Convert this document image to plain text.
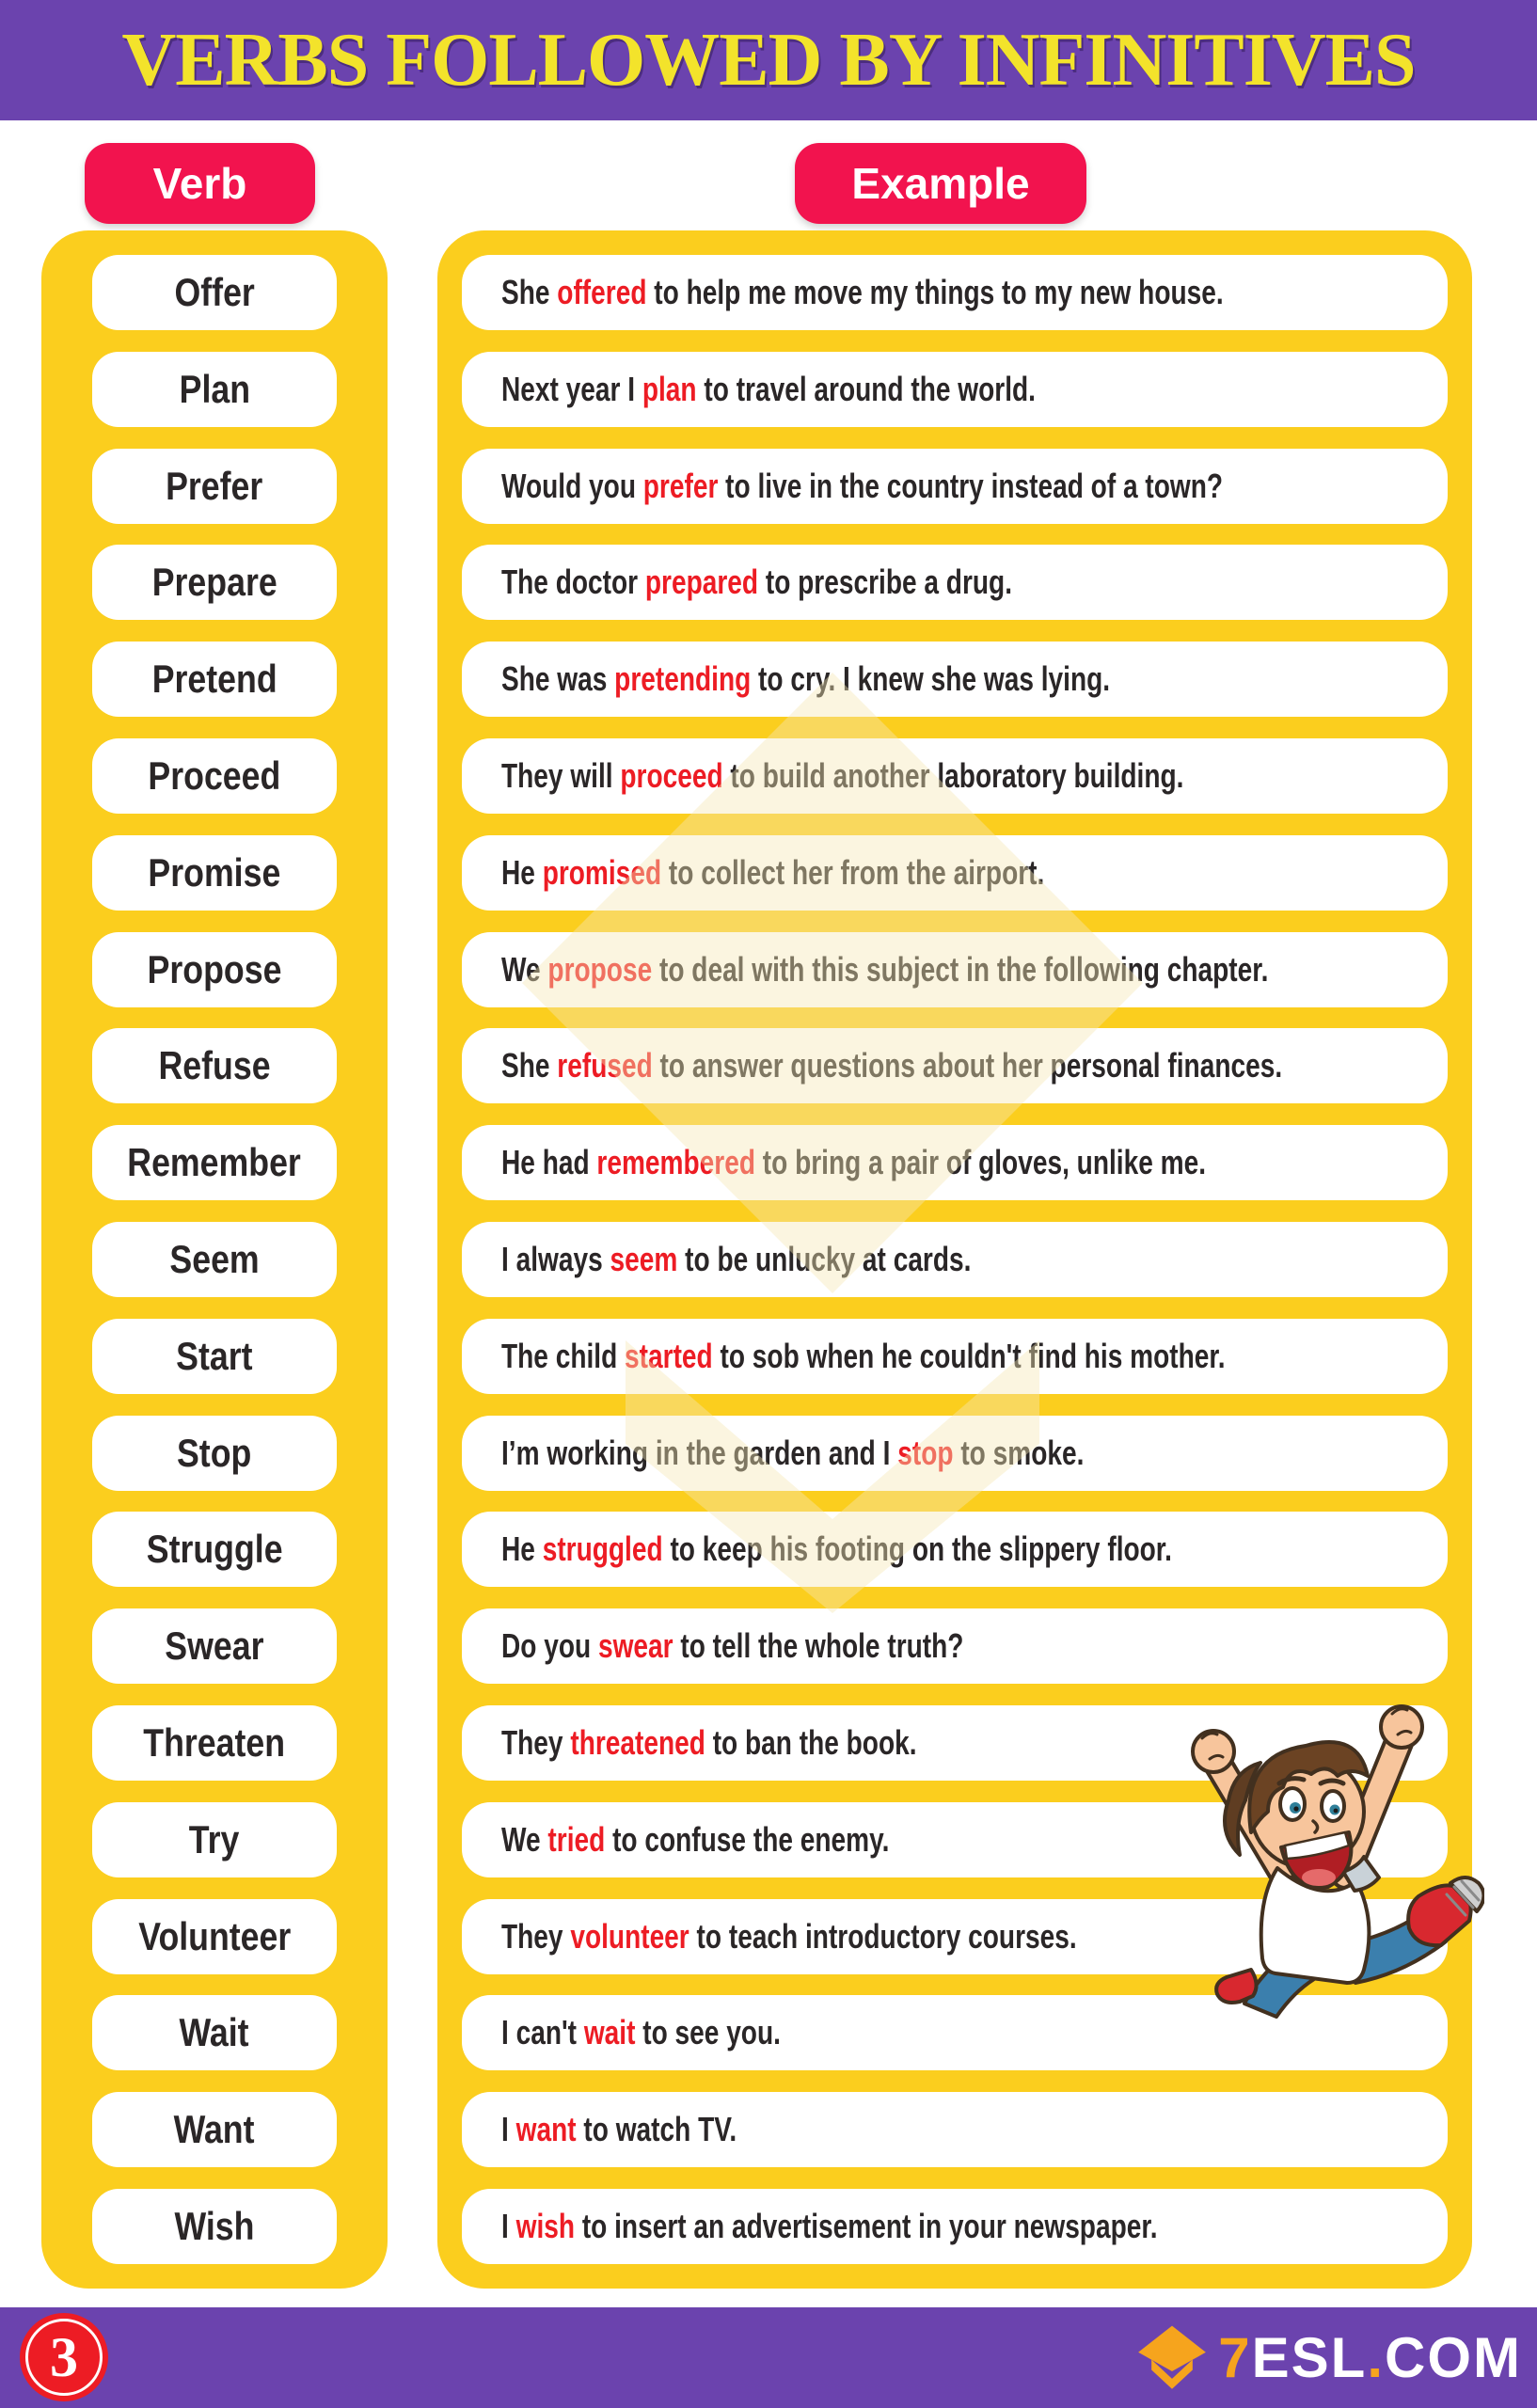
VERBS FOLLOWED BY INFINITIVES
Verb	Example
Offer
Plan
Prefer
Prepare
Pretend
Proceed
Promise
Propose
Refuse
Remember
Seem
Start
Stop
Struggle
Swear
Threaten
Try
Volunteer
Wait
Want
Wish
She offered to help me move my things to my new house.
Next year I plan to travel around the world.
Would you prefer to live in the country instead of a town?
The doctor prepared to prescribe a drug.
She was pretending to cry. I knew she was lying.
They will proceed to build another laboratory building.
He promised to collect her from the airport.
We propose to deal with this subject in the following chapter.
She refused to answer questions about her personal finances.
He had remembered to bring a pair of gloves, unlike me.
I always seem to be unlucky at cards.
The child started to sob when he couldn't find his mother.
I’m working in the garden and I stop to smoke.
He struggled to keep his footing on the slippery floor.
Do you swear to tell the whole truth?
They threatened to ban the book.
We tried to confuse the enemy.
They volunteer to teach introductory courses.
I can't wait to see you.
I want to watch TV.
I wish to insert an advertisement in your newspaper.
3	7ESL.COM
